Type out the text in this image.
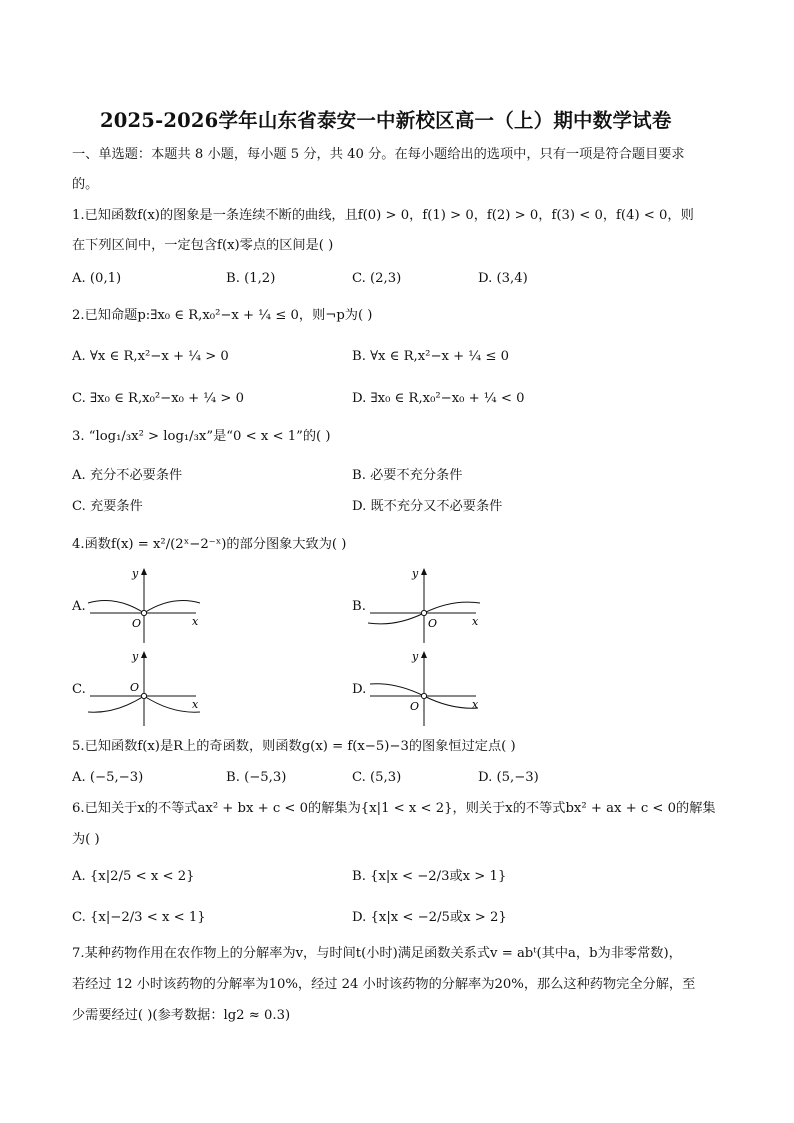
2025-2026学年山东省泰安一中新校区高一（上）期中数学试卷
一、单选题：本题共 8 小题，每小题 5 分，共 40 分。在每小题给出的选项中，只有一项是符合题目要求
的。
1.已知函数f(x)的图象是一条连续不断的曲线，且f(0) > 0，f(1) > 0，f(2) > 0，f(3) < 0，f(4) < 0，则
在下列区间中，一定包含f(x)零点的区间是( )
A. (0,1)	B. (1,2)	C. (2,3)	D. (3,4)
2.已知命题p:∃x₀ ∈ R,x₀²−x + ¼ ≤ 0，则¬p为( )
A. ∀x ∈ R,x²−x + ¼ > 0	B. ∀x ∈ R,x²−x + ¼ ≤ 0
C. ∃x₀ ∈ R,x₀²−x₀ + ¼ > 0	D. ∃x₀ ∈ R,x₀²−x₀ + ¼ < 0
3. “log₁/₃x² > log₁/₃x”是“0 < x < 1”的( )
A. 充分不必要条件	B. 必要不充分条件
C. 充要条件	D. 既不充分又不必要条件
4.函数f(x) = x²/(2ˣ−2⁻ˣ)的部分图象大致为( )
A.
y
x
O
B.
y
x
O
C.
y
x
O	D.
y
x
O
5.已知函数f(x)是R上的奇函数，则函数g(x) = f(x−5)−3的图象恒过定点( )
A. (−5,−3)	B. (−5,3)	C. (5,3)	D. (5,−3)
6.已知关于x的不等式ax² + bx + c < 0的解集为{x|1 < x < 2}，则关于x的不等式bx² + ax + c < 0的解集
为( )
A. {x|2/5 < x < 2}	B. {x|x < −2/3或x > 1}
C. {x|−2/3 < x < 1}	D. {x|x < −2/5或x > 2}
7.某种药物作用在农作物上的分解率为v，与时间t(小时)满足函数关系式v = abᵗ(其中a，b为非零常数)，
若经过 12 小时该药物的分解率为10%，经过 24 小时该药物的分解率为20%，那么这种药物完全分解，至
少需要经过( )(参考数据：lg2 ≈ 0.3)
